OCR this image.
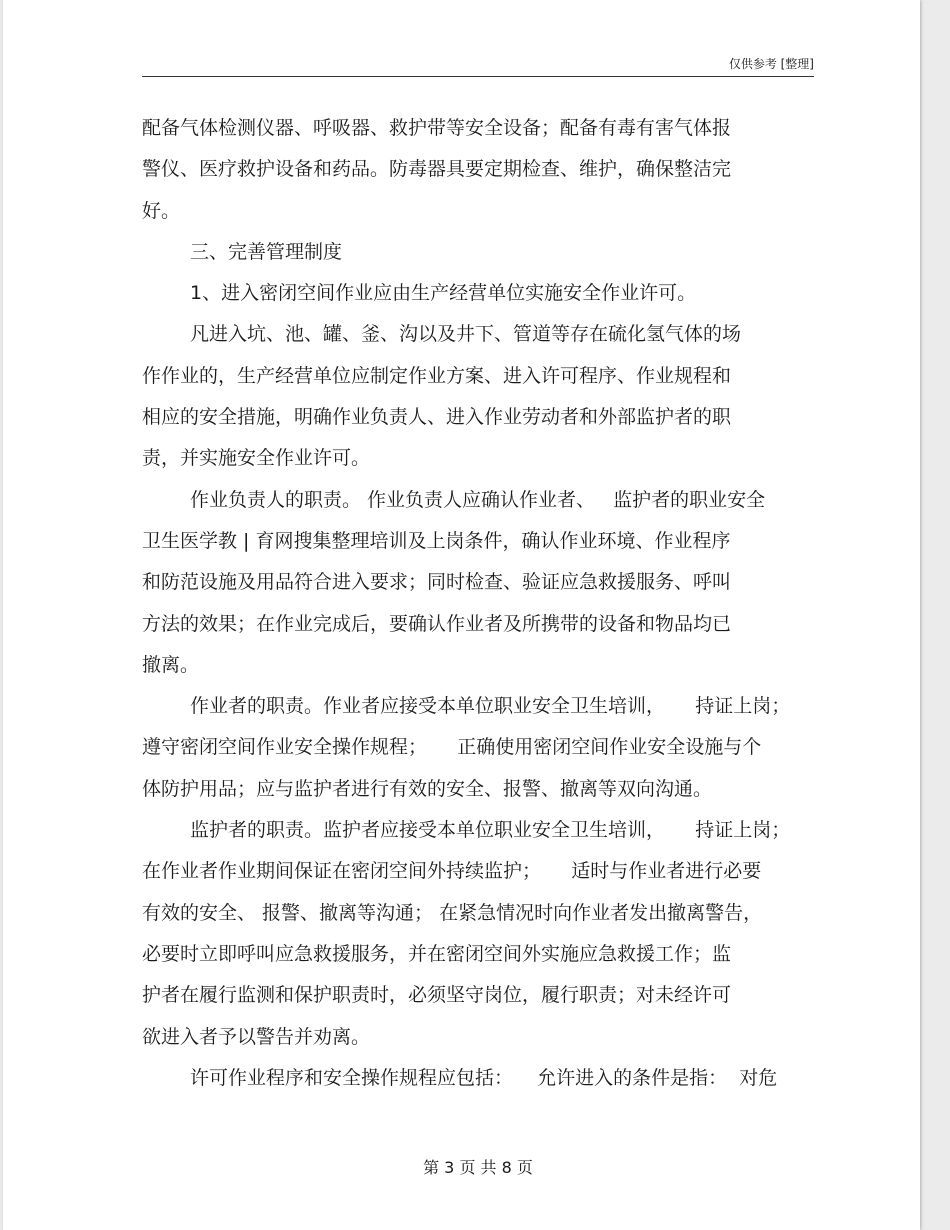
仅供参考 [整理]
配备气体检测仪器、呼吸器、救护带等安全设备；配备有毒有害气体报
警仪、医疗救护设备和药品。防毒器具要定期检查、维护，确保整洁完
好。
三、完善管理制度
1、进入密闭空间作业应由生产经营单位实施安全作业许可。
凡进入坑、池、罐、釜、沟以及井下、管道等存在硫化氢气体的场
作作业的，生产经营单位应制定作业方案、进入许可程序、作业规程和
相应的安全措施，明确作业负责人、进入作业劳动者和外部监护者的职
责，并实施安全作业许可。
作业负责人的职责。 作业负责人应确认作业者、   监护者的职业安全
卫生医学教 | 育网搜集整理培训及上岗条件，确认作业环境、作业程序
和防范设施及用品符合进入要求；同时检查、验证应急救援服务、呼叫
方法的效果；在作业完成后，要确认作业者及所携带的设备和物品均已
撤离。
作业者的职责。作业者应接受本单位职业安全卫生培训，     持证上岗；
遵守密闭空间作业安全操作规程；     正确使用密闭空间作业安全设施与个
体防护用品；应与监护者进行有效的安全、报警、撤离等双向沟通。
监护者的职责。监护者应接受本单位职业安全卫生培训，     持证上岗；
在作业者作业期间保证在密闭空间外持续监护；     适时与作业者进行必要
有效的安全、 报警、撤离等沟通； 在紧急情况时向作业者发出撤离警告，
必要时立即呼叫应急救援服务，并在密闭空间外实施应急救援工作；监
护者在履行监测和保护职责时，必须坚守岗位，履行职责；对未经许可
欲进入者予以警告并劝离。
许可作业程序和安全操作规程应包括：    允许进入的条件是指：  对危
第 3 页 共 8 页
